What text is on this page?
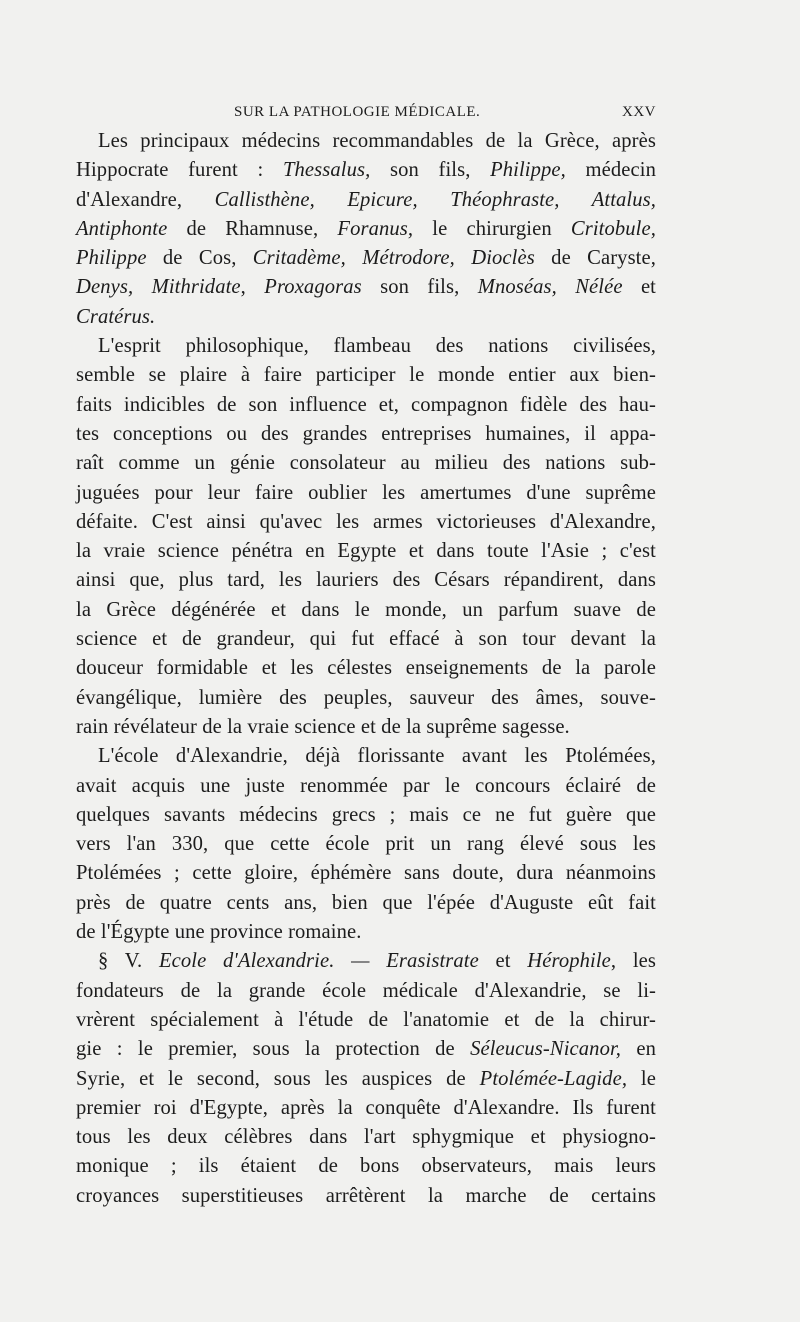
SUR LA PATHOLOGIE MÉDICALE.	XXV
Les principaux médecins recommandables de la Grèce, après
Hippocrate furent : Thessalus, son fils, Philippe, médecin
d'Alexandre, Callisthène, Epicure, Théophraste, Attalus,
Antiphonte de Rhamnuse, Foranus, le chirurgien Critobule,
Philippe de Cos, Critadème, Métrodore, Dioclès de Caryste,
Denys, Mithridate, Proxagoras son fils, Mnoséas, Nélée et
Cratérus.
L'esprit philosophique, flambeau des nations civilisées,
semble se plaire à faire participer le monde entier aux bien-
faits indicibles de son influence et, compagnon fidèle des hau-
tes conceptions ou des grandes entreprises humaines, il appa-
raît comme un génie consolateur au milieu des nations sub-
juguées pour leur faire oublier les amertumes d'une suprême
défaite. C'est ainsi qu'avec les armes victorieuses d'Alexandre,
la vraie science pénétra en Egypte et dans toute l'Asie ; c'est
ainsi que, plus tard, les lauriers des Césars répandirent, dans
la Grèce dégénérée et dans le monde, un parfum suave de
science et de grandeur, qui fut effacé à son tour devant la
douceur formidable et les célestes enseignements de la parole
évangélique, lumière des peuples, sauveur des âmes, souve-
rain révélateur de la vraie science et de la suprême sagesse.
L'école d'Alexandrie, déjà florissante avant les Ptolémées,
avait acquis une juste renommée par le concours éclairé de
quelques savants médecins grecs ; mais ce ne fut guère que
vers l'an 330, que cette école prit un rang élevé sous les
Ptolémées ; cette gloire, éphémère sans doute, dura néanmoins
près de quatre cents ans, bien que l'épée d'Auguste eût fait
de l'Égypte une province romaine.
§ V. Ecole d'Alexandrie. — Erasistrate et Hérophile, les
fondateurs de la grande école médicale d'Alexandrie, se li-
vrèrent spécialement à l'étude de l'anatomie et de la chirur-
gie : le premier, sous la protection de Séleucus-Nicanor, en
Syrie, et le second, sous les auspices de Ptolémée-Lagide, le
premier roi d'Egypte, après la conquête d'Alexandre. Ils furent
tous les deux célèbres dans l'art sphygmique et physiogno-
monique ; ils étaient de bons observateurs, mais leurs
croyances superstitieuses arrêtèrent la marche de certains
